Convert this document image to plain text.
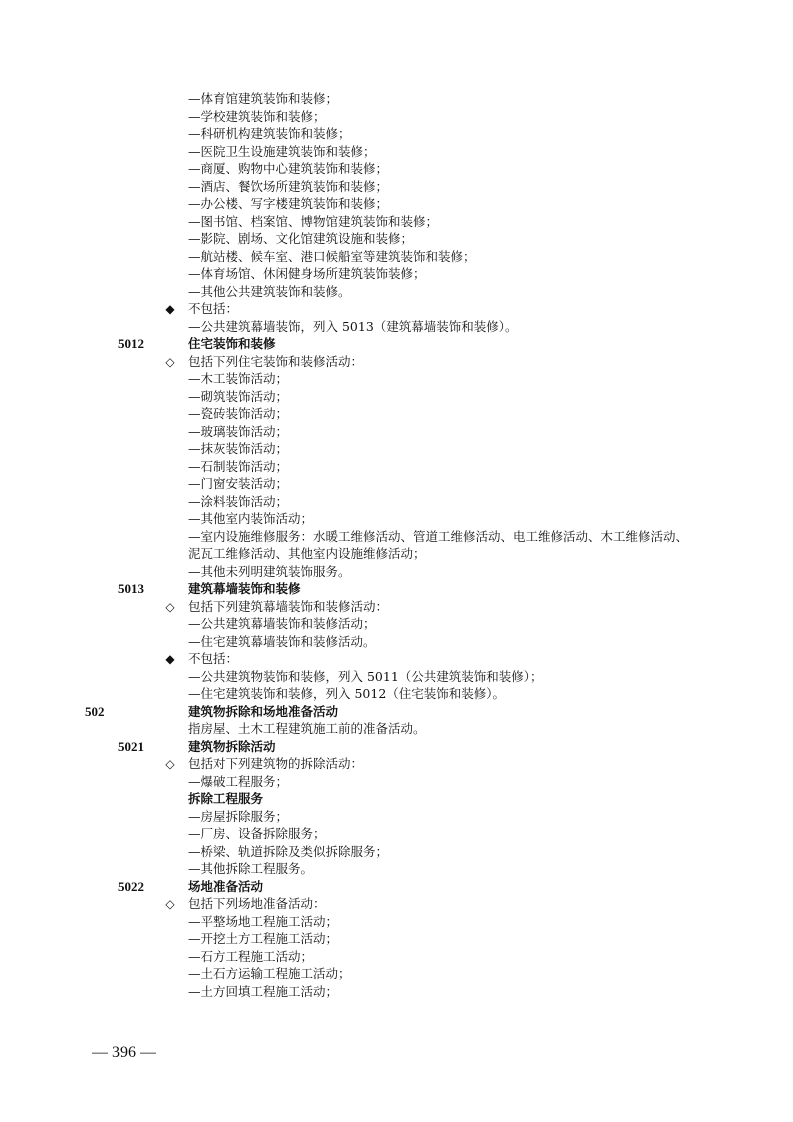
—体育馆建筑装饰和装修；
—学校建筑装饰和装修；
—科研机构建筑装饰和装修；
—医院卫生设施建筑装饰和装修；
—商厦、购物中心建筑装饰和装修；
—酒店、餐饮场所建筑装饰和装修；
—办公楼、写字楼建筑装饰和装修；
—图书馆、档案馆、博物馆建筑装饰和装修；
—影院、剧场、文化馆建筑设施和装修；
—航站楼、候车室、港口候船室等建筑装饰和装修；
—体育场馆、休闲健身场所建筑装饰装修；
—其他公共建筑装饰和装修。
◆ 不包括：
—公共建筑幕墙装饰，列入 5013（建筑幕墙装饰和装修）。
5012	住宅装饰和装修
◇ 包括下列住宅装饰和装修活动：
—木工装饰活动；
—砌筑装饰活动；
—瓷砖装饰活动；
—玻璃装饰活动；
—抹灰装饰活动；
—石制装饰活动；
—门窗安装活动；
—涂料装饰活动；
—其他室内装饰活动；
—室内设施维修服务：水暖工维修活动、管道工维修活动、电工维修活动、木工维修活动、
泥瓦工维修活动、其他室内设施维修活动；
—其他未列明建筑装饰服务。
5013	建筑幕墙装饰和装修
◇ 包括下列建筑幕墙装饰和装修活动：
—公共建筑幕墙装饰和装修活动；
—住宅建筑幕墙装饰和装修活动。
◆ 不包括：
—公共建筑物装饰和装修，列入 5011（公共建筑装饰和装修）；
—住宅建筑装饰和装修，列入 5012（住宅装饰和装修）。
502	建筑物拆除和场地准备活动
指房屋、土木工程建筑施工前的准备活动。
5021	建筑物拆除活动
◇ 包括对下列建筑物的拆除活动：
—爆破工程服务；
拆除工程服务
—房屋拆除服务；
—厂房、设备拆除服务；
—桥梁、轨道拆除及类似拆除服务；
—其他拆除工程服务。
5022	场地准备活动
◇ 包括下列场地准备活动：
—平整场地工程施工活动；
—开挖土方工程施工活动；
—石方工程施工活动；
—土石方运输工程施工活动；
—土方回填工程施工活动；
— 396 —
